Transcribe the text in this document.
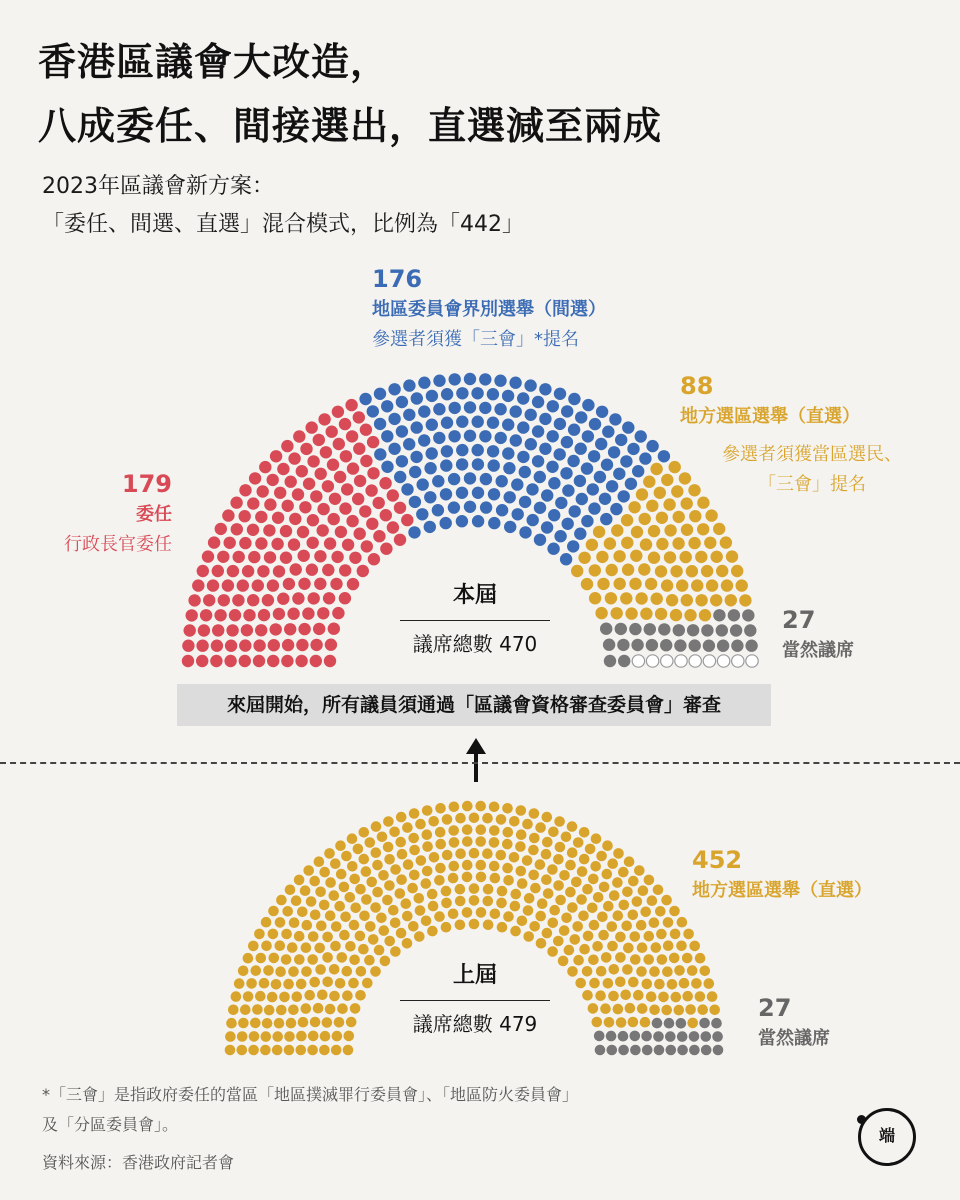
香港區議會大改造，
八成委任、間接選出，直選減至兩成
2023年區議會新方案：
「委任、間選、直選」混合模式，比例為「442」
176
地區委員會界別選舉（間選）
參選者須獲「三會」*提名
88
地方選區選舉（直選）
參選者須獲當區選民、
「三會」提名
179
委任
行政長官委任
27
當然議席
本屆
議席總數 470
來屆開始，所有議員須通過「區議會資格審查委員會」審查
452
地方選區選舉（直選）
27
當然議席
上屆
議席總數 479
*「三會」是指政府委任的當區「地區撲滅罪行委員會」、「地區防火委員會」
及「分區委員會」。
資料來源：香港政府記者會
端
